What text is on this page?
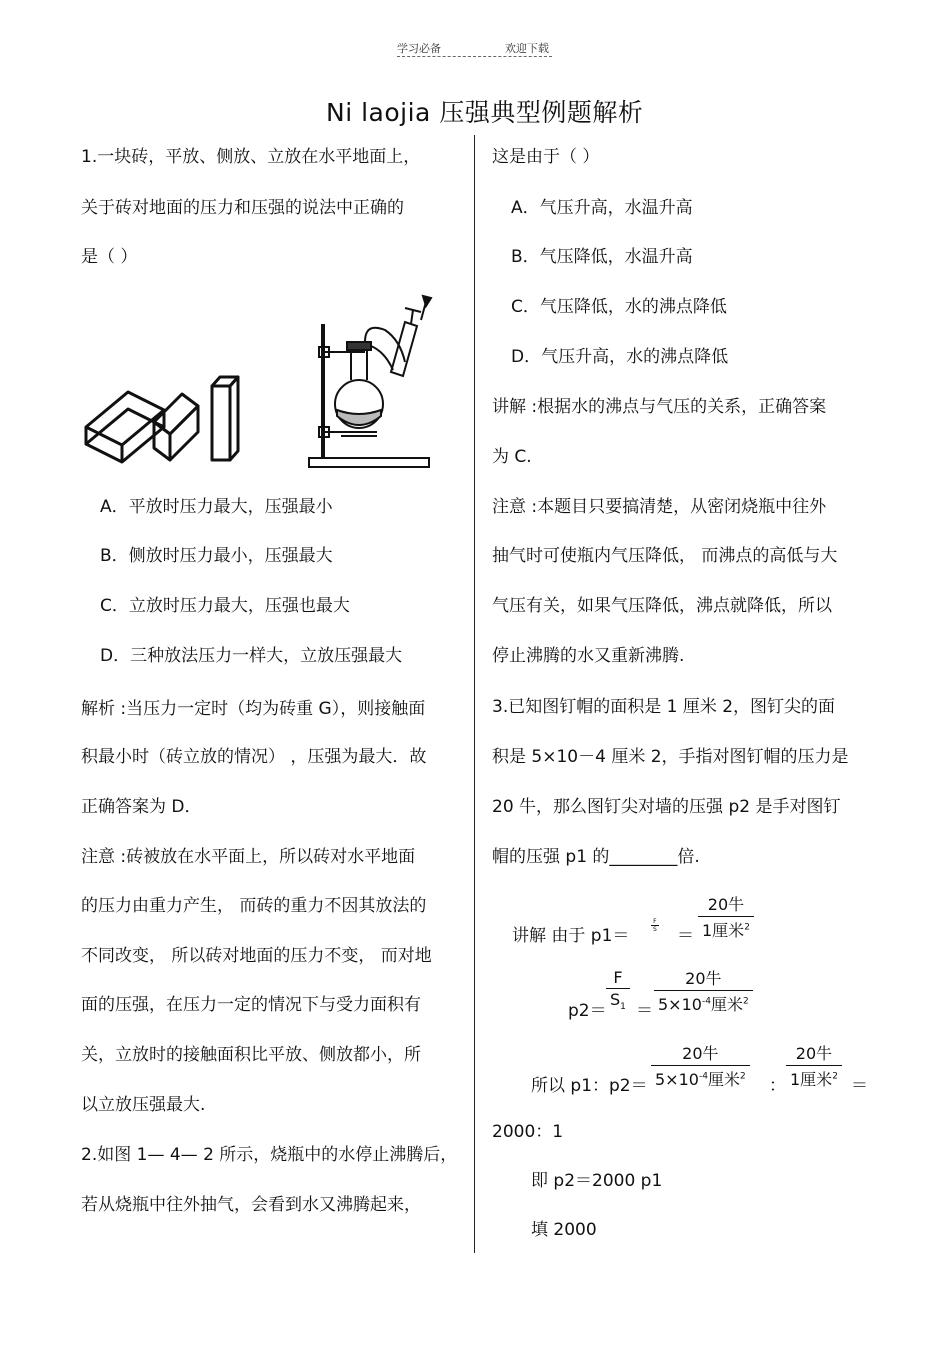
学习必备	欢迎下载
Ni laojia 压强典型例题解析
1.一块砖，平放、侧放、立放在水平地面上，
关于砖对地面的压力和压强的说法中正确的
是（ ）
A．平放时压力最大，压强最小
B．侧放时压力最小，压强最大
C．立放时压力最大，压强也最大
D．三种放法压力一样大，立放压强最大
解析 :当压力一定时（均为砖重 G），则接触面
积最小时（砖立放的情况） ，压强为最大．故
正确答案为 D．
注意 :砖被放在水平面上，所以砖对水平地面
的压力由重力产生， 而砖的重力不因其放法的
不同改变， 所以砖对地面的压力不变， 而对地
面的压强，在压力一定的情况下与受力面积有
关，立放时的接触面积比平放、侧放都小，所
以立放压强最大.
2.如图 1— 4— 2 所示，烧瓶中的水停止沸腾后，
若从烧瓶中往外抽气，会看到水又沸腾起来，
这是由于（ ）
A．气压升高，水温升高
B．气压降低，水温升高
C．气压降低，水的沸点降低
D．气压升高，水的沸点降低
讲解 :根据水的沸点与气压的关系，正确答案
为 C.
注意 :本题目只要搞清楚，从密闭烧瓶中往外
抽气时可使瓶内气压降低， 而沸点的高低与大
气压有关，如果气压降低，沸点就降低，所以
停止沸腾的水又重新沸腾.
3.已知图钉帽的面积是 1 厘米 2，图钉尖的面
积是 5×10－4 厘米 2，手指对图钉帽的压力是
20 牛，那么图钉尖对墙的压强 p2 是手对图钉
帽的压强 p1 的________倍.
讲解 由于 p1＝
$\frac{F}{S}$
＝
20牛
1厘米$^2$
$p2= \frac{F}{S_1}$ ＝
20牛
$5\times 10^{-4}$厘米$^2$
所以 p1：p2＝
20牛
$5\times 10^{-4}$厘米$^2$ ：
20牛
1厘米$^2$ ＝
2000：1
即 p2＝2000 p1
填 2000
